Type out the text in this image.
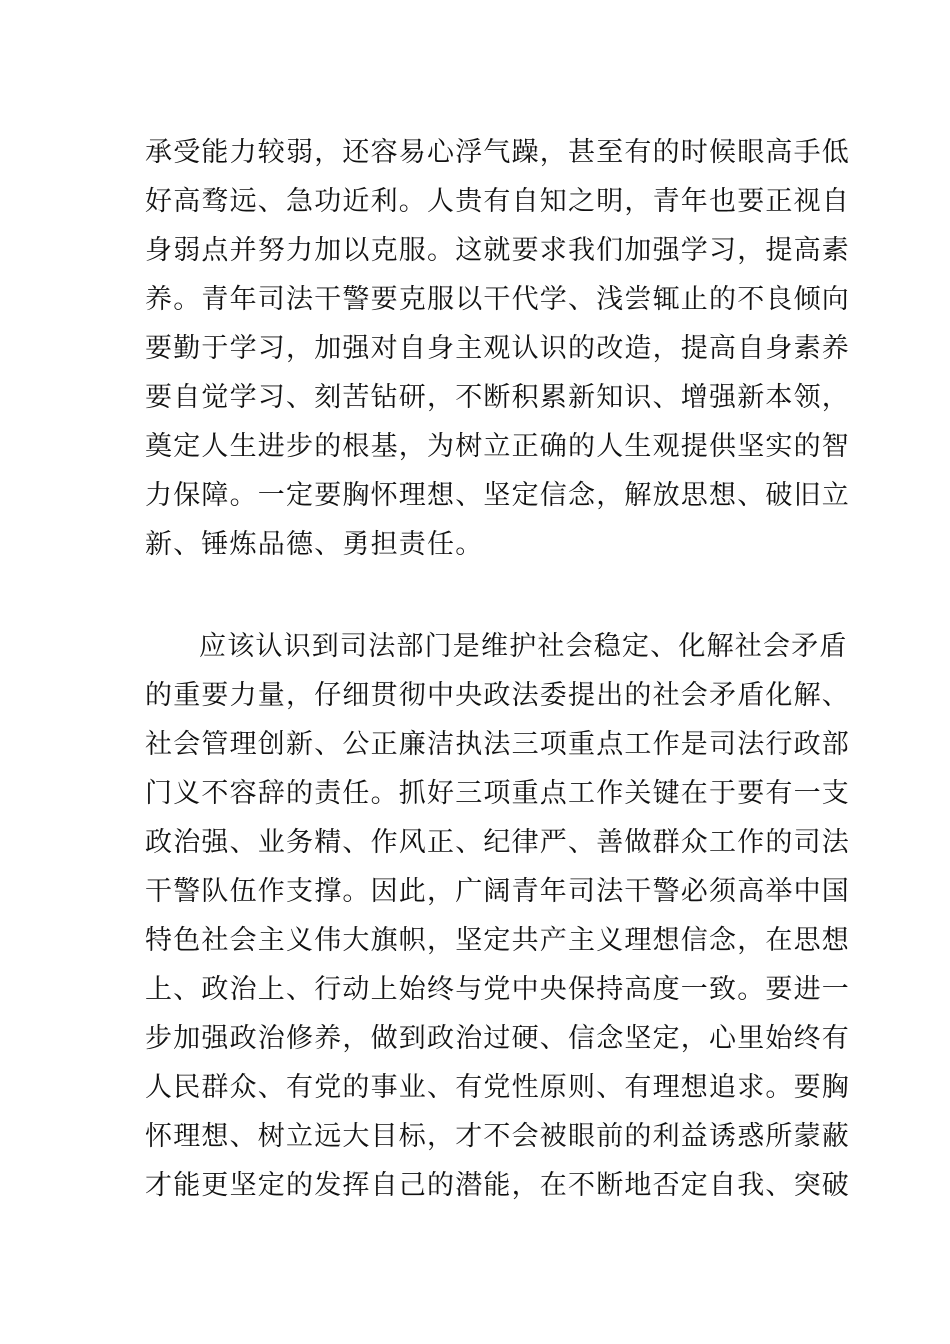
承受能力较弱，还容易心浮气躁，甚至有的时候眼高手低
好高骛远、急功近利。人贵有自知之明，青年也要正视自
身弱点并努力加以克服。这就要求我们加强学习，提高素
养。青年司法干警要克服以干代学、浅尝辄止的不良倾向
要勤于学习，加强对自身主观认识的改造，提高自身素养
要自觉学习、刻苦钻研，不断积累新知识、增强新本领，
奠定人生进步的根基，为树立正确的人生观提供坚实的智
力保障。一定要胸怀理想、坚定信念，解放思想、破旧立
新、锤炼品德、勇担责任。
应该认识到司法部门是维护社会稳定、化解社会矛盾
的重要力量，仔细贯彻中央政法委提出的社会矛盾化解、
社会管理创新、公正廉洁执法三项重点工作是司法行政部
门义不容辞的责任。抓好三项重点工作关键在于要有一支
政治强、业务精、作风正、纪律严、善做群众工作的司法
干警队伍作支撑。因此，广阔青年司法干警必须高举中国
特色社会主义伟大旗帜，坚定共产主义理想信念，在思想
上、政治上、行动上始终与党中央保持高度一致。要进一
步加强政治修养，做到政治过硬、信念坚定，心里始终有
人民群众、有党的事业、有党性原则、有理想追求。要胸
怀理想、树立远大目标，才不会被眼前的利益诱惑所蒙蔽
才能更坚定的发挥自己的潜能，在不断地否定自我、突破
